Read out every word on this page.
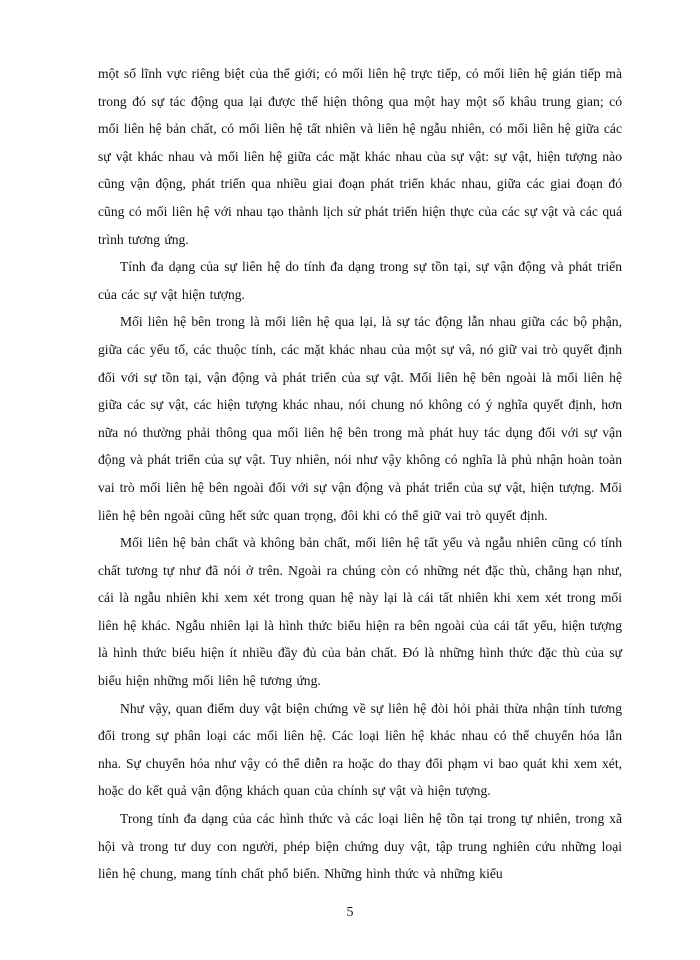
một số lĩnh vực riêng biệt của thế giới; có mối liên hệ trực tiếp, có mối liên hệ gián tiếp mà trong đó sự tác động qua lại được thể hiện thông qua một hay một số khâu trung gian; có mối liên hệ bản chất, có mối liên hệ tất nhiên và liên hệ ngẫu nhiên, có mối liên hệ giữa các sự vật khác nhau và mối liên hệ giữa các mặt khác nhau của sự vật: sự vật, hiện tượng nào cũng vận động, phát triển qua nhiều giai đoạn phát triển khác nhau, giữa các giai đoạn đó cũng có mối liên hệ với nhau tạo thành lịch sử phát triển hiện thực của các sự vật và các quá trình tương ứng.

Tính đa dạng của sự liên hệ do tính đa dạng trong sự tồn tại, sự vận động và phát triển của các sự vật hiện tượng.

Mối liên hệ bên trong là mối liên hệ qua lại, là sự tác động lẫn nhau giữa các bộ phận, giữa các yếu tố, các thuộc tính, các mặt khác nhau của một sự vâ, nó giữ vai trò quyết định đối với sự tồn tại, vận động và phát triển của sự vật. Mối liên hệ bên ngoài là mối liên hệ giữa các sự vật, các hiện tượng khác nhau, nói chung nó không có ý nghĩa quyết định, hơn nữa nó thường phải thông qua mối liên hệ bên trong mà phát huy tác dụng đối với sự vận động và phát triển của sự vật. Tuy nhiên, nói như vậy không có nghĩa là phủ nhận hoàn toàn vai trò mối liên hệ bên ngoài đối với sự vận động và phát triển của sự vật, hiện tượng. Mối liên hệ bên ngoài cũng hết sức quan trọng, đôi khi có thể giữ vai trò quyết định.

Mối liên hệ bản chất và không bản chất, mối liên hệ tất yếu và ngẫu nhiên cũng có tính chất tương tự như đã nói ở trên. Ngoài ra chúng còn có những nét đặc thù, chẳng hạn như, cái là ngẫu nhiên khi xem xét trong quan hệ này lại là cái tất nhiên khi xem xét trong mối liên hệ khác. Ngẫu nhiên lại là hình thức biểu hiện ra bên ngoài của cái tất yếu, hiện tượng là hình thức biểu hiện ít nhiều đầy đủ của bản chất. Đó là những hình thức đặc thù của sự biểu hiện những mối liên hệ tương ứng.

Như vậy, quan điểm duy vật biện chứng về sự liên hệ đòi hỏi phải thừa nhận tính tương đối trong sự phân loại các mối liên hệ. Các loại liên hệ khác nhau có thể chuyển hóa lẫn nha. Sự chuyển hóa như vậy có thể diễn ra hoặc do thay đổi phạm vi bao quát khi xem xét, hoặc do kết quả vận động khách quan của chính sự vật và hiện tượng.

Trong tính đa dạng của các hình thức và các loại liên hệ tồn tại trong tự nhiên, trong xã hội và trong tư duy con người, phép biện chứng duy vật, tập trung nghiên cứu những loại liên hệ chung, mang tính chất phổ biến. Những hình thức và những kiểu

5
